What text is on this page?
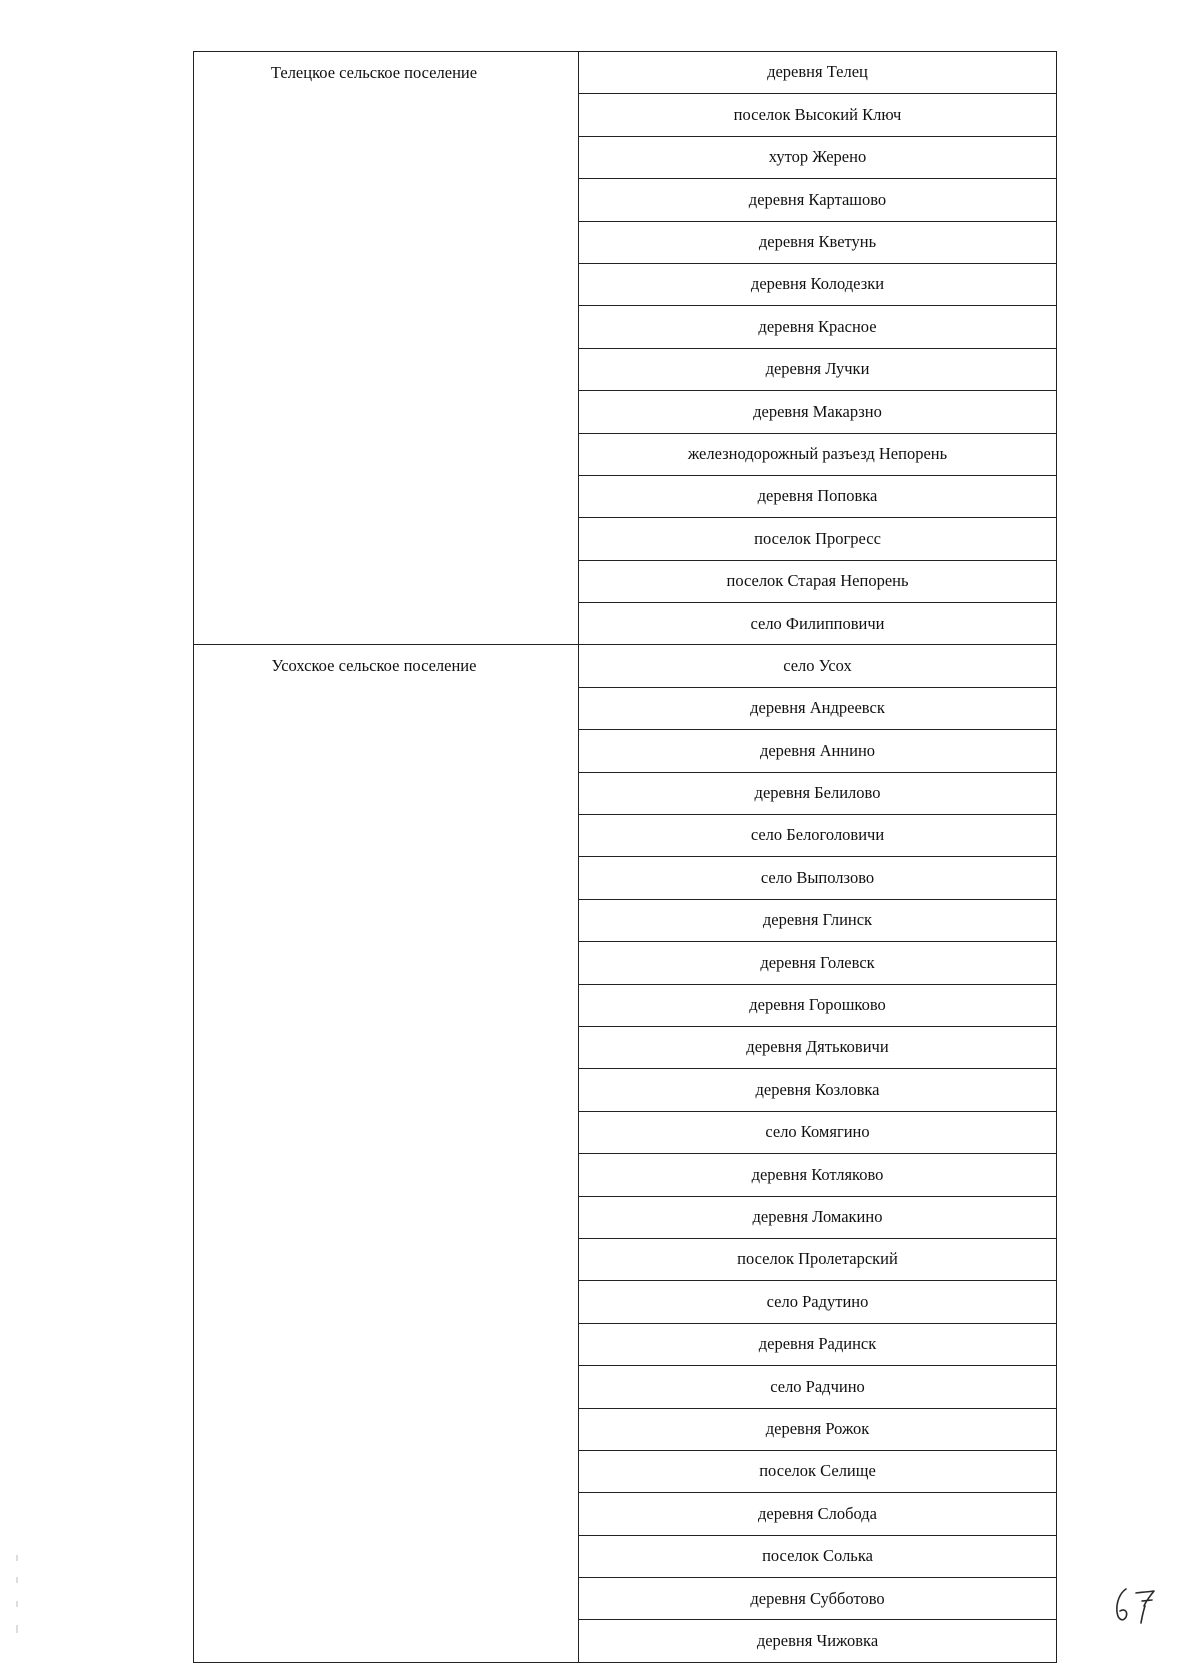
Телецкое сельское поселение	деревня Телец
	поселок Высокий Ключ
	хутор Жерено
	деревня Карташово
	деревня Кветунь
	деревня Колодезки
	деревня Красное
	деревня Лучки
	деревня Макарзно
	железнодорожный разъезд Непорень
	деревня Поповка
	поселок Прогресс
	поселок Старая Непорень
	село Филипповичи

Усохское сельское поселение	село Усох
	деревня Андреевск
	деревня Аннино
	деревня Белилово
	село Белоголовичи
	село Выползово
	деревня Глинск
	деревня Голевск
	деревня Горошково
	деревня Дятьковичи
	деревня Козловка
	село Комягино
	деревня Котляково
	деревня Ломакино
	поселок Пролетарский
	село Радутино
	деревня Радинск
	село Радчино
	деревня Рожок
	поселок Селище
	деревня Слобода
	поселок Солька
	деревня Субботово
	деревня Чижовка
